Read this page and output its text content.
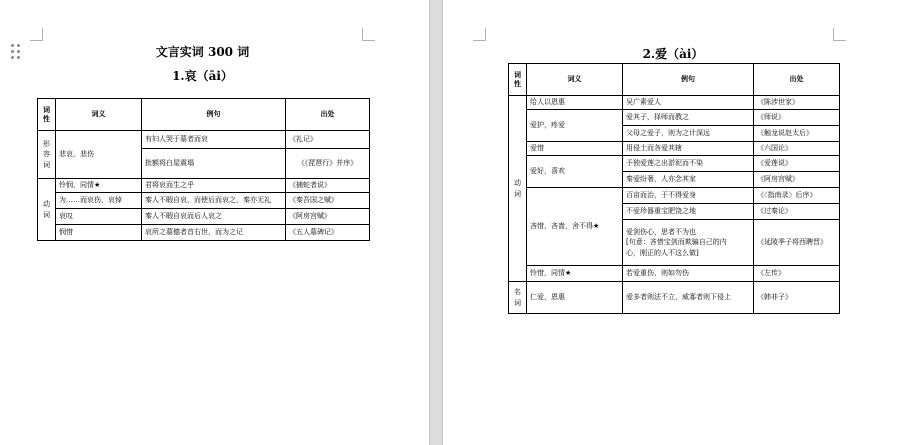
文言实词 300 词
1.哀（āi）
词性	词义	例句	出处

形容词	悲哀，悲伤	有妇人哭于墓者而哀	《礼记》
		批额将白屋震塌	《《琵琶行》并序》

动词	怜悯，同情★	君将哀而生之乎	《捕蛇者说》
	为……而哀伤，哀悼	秦人不暇自哀，而使后而哀之，秦亦无礼	《秦吾国之赋》
	哀叹	秦人不暇自哀而后人哀之	《阿房宫赋》
	悯惜	哀所之墓德者首右世，而为之记	《五人墓碑记》
2.爱（ài）
词性	词义	例句	出处

动词	给人以恩惠	吴广素爱人	《陈涉世家》
	爱护，疼爱	爱其子，择师而教之	《师说》
		父母之爱子，则为之计深远	《触龙说赵太后》
	爱惜	用侵土而各爱其辖	《六国论》
	爱好，喜欢	予独爱莲之出淤泥而不染	《爱莲说》
		秦爱纷奢，人亦念其家	《阿房宫赋》
	吝惜，吝啬，舍不得★	百亩而治，于不得爱身	《〈指南录〉后序》
		不爱珍器重宝肥饶之地	《过秦论》

		爱剑伤心，思者不为也
[句意：吝惜宝剑而欺骗自己的内
心，刚正的人不这么做]	《延陵季子将西聘晋》
	怜惜，同情★	若爱重伤，则如勿伤	《左传》

名词	仁爱，恩惠	爱多者则法不立，威寡者则下侵上	《韩非子》
